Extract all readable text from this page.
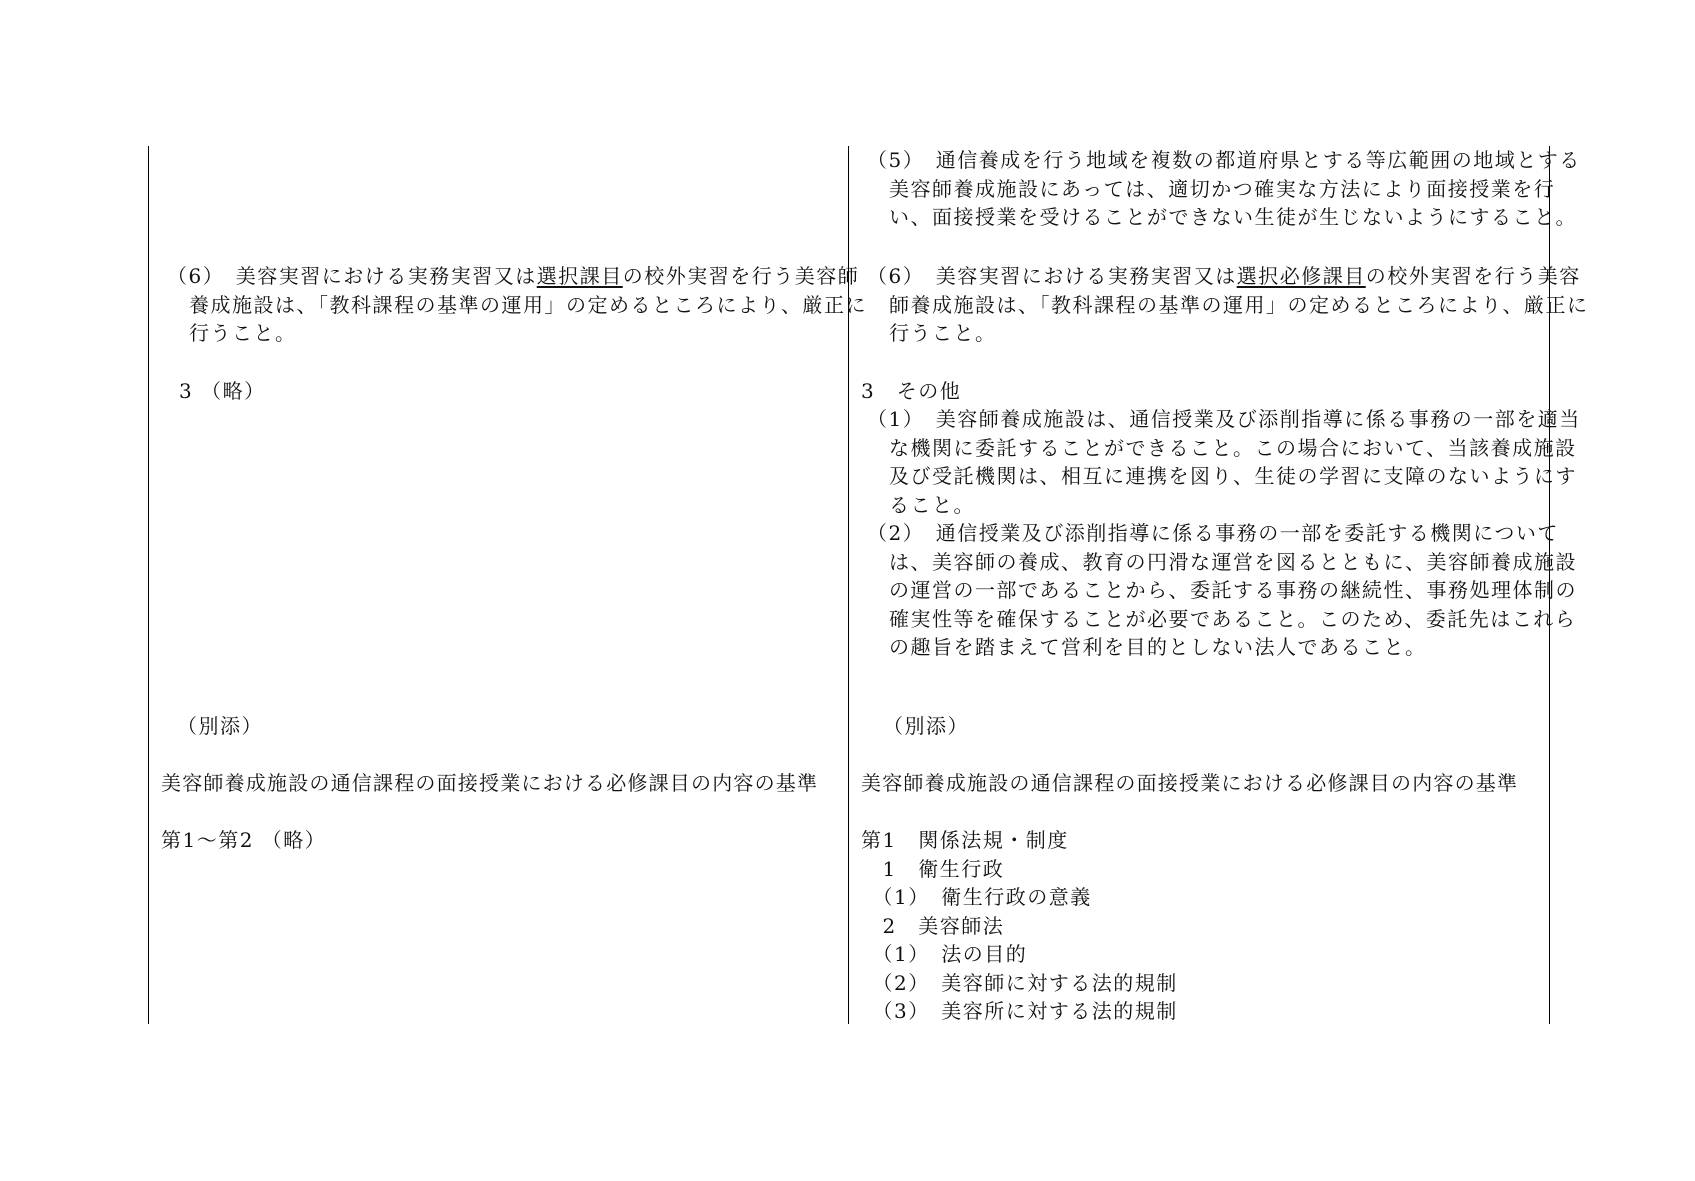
（6）　美容実習における実務実習又は選択課目の校外実習を行う美容師養成施設は、「教科課程の基準の運用」の定めるところにより、厳正に行うこと。

3 （略）

（別添）

美容師養成施設の通信課程の面接授業における必修課目の内容の基準

第1～第2 （略）

（5）　通信養成を行う地域を複数の都道府県とする等広範囲の地域とする美容師養成施設にあっては、適切かつ確実な方法により面接授業を行い、面接授業を受けることができない生徒が生じないようにすること。

（6）　美容実習における実務実習又は選択必修課目の校外実習を行う美容師養成施設は、「教科課程の基準の運用」の定めるところにより、厳正に行うこと。

3　その他

（1）　美容師養成施設は、通信授業及び添削指導に係る事務の一部を適当な機関に委託することができること。この場合において、当該養成施設及び受託機関は、相互に連携を図り、生徒の学習に支障のないようにすること。

（2）　通信授業及び添削指導に係る事務の一部を委託する機関については、美容師の養成、教育の円滑な運営を図るとともに、美容師養成施設の運営の一部であることから、委託する事務の継続性、事務処理体制の確実性等を確保することが必要であること。このため、委託先はこれらの趣旨を踏まえて営利を目的としない法人であること。

（別添）

美容師養成施設の通信課程の面接授業における必修課目の内容の基準

第1　関係法規・制度

　1　衛生行政

　（1）　衛生行政の意義

　2　美容師法

　（1）　法の目的

　（2）　美容師に対する法的規制

　（3）　美容所に対する法的規制
